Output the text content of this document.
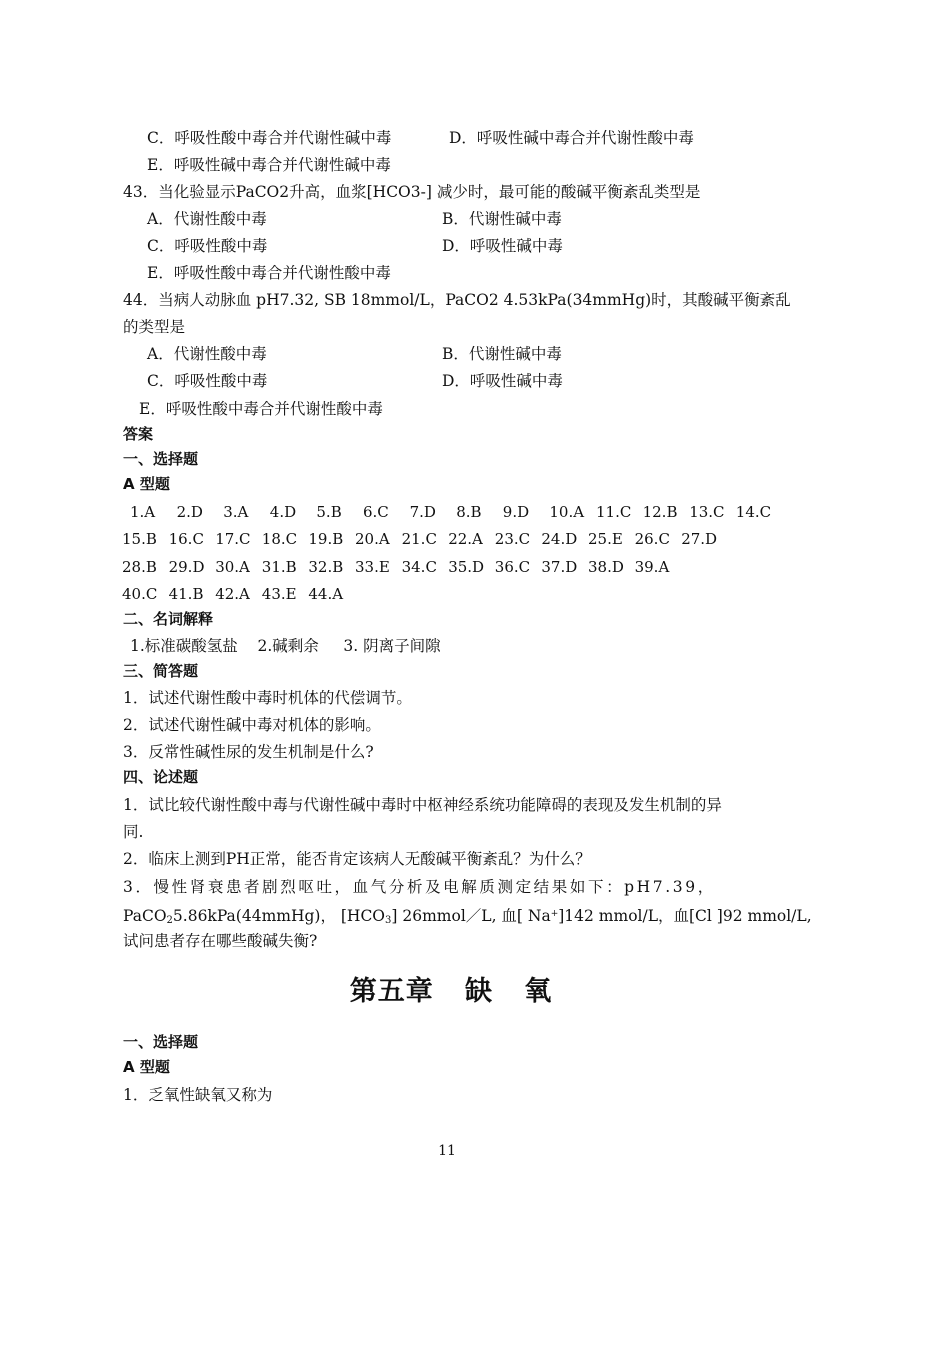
C．呼吸性酸中毒合并代谢性碱中毒	D．呼吸性碱中毒合并代谢性酸中毒
E．呼吸性碱中毒合并代谢性碱中毒
43．当化验显示PaCO2升高，血浆[HCO3-] 减少时，最可能的酸碱平衡紊乱类型是
A．代谢性酸中毒	B．代谢性碱中毒
C．呼吸性酸中毒	D．呼吸性碱中毒
E．呼吸性酸中毒合并代谢性酸中毒
44．当病人动脉血 pH7.32, SB 18mmol/L，PaCO2 4.53kPa(34mmHg)时，其酸碱平衡紊乱
的类型是
A．代谢性酸中毒	B．代谢性碱中毒
C．呼吸性酸中毒	D．呼吸性碱中毒
E．呼吸性酸中毒合并代谢性酸中毒
答案
一、选择题
A 型题
1.A 2.D 3.A 4.D 5.B 6.C 7.D 8.B 9.D 10.A 11.C 12.B 13.C 14.C
15.B 16.C 17.C 18.C 19.B 20.A 21.C 22.A 23.C 24.D 25.E 26.C 27.D
28.B 29.D 30.A 31.B 32.B 33.E 34.C 35.D 36.C 37.D 38.D 39.A
40.C 41.B 42.A 43.E 44.A
二、名词解释
1.标准碳酸氢盐    2.碱剩余     3. 阴离子间隙
三、简答题
1．试述代谢性酸中毒时机体的代偿调节。
2．试述代谢性碱中毒对机体的影响。
3．反常性碱性尿的发生机制是什么?
四、论述题
1．试比较代谢性酸中毒与代谢性碱中毒时中枢神经系统功能障碍的表现及发生机制的异
同.
2．临床上测到PH正常，能否肯定该病人无酸碱平衡紊乱？为什么？
3．慢性肾衰患者剧烈呕吐，血气分析及电解质测定结果如下：pH7.39，
PaCO$_2$5.86kPa(44mmHg)， $[HCO_3]$ 26mmol／L, 血[ Na+]142 mmol/L，血[Cl ]92 mmol/L,
试问患者存在哪些酸碱失衡?
第五章   缺   氧
一、选择题
A 型题
1．乏氧性缺氧又称为
11
